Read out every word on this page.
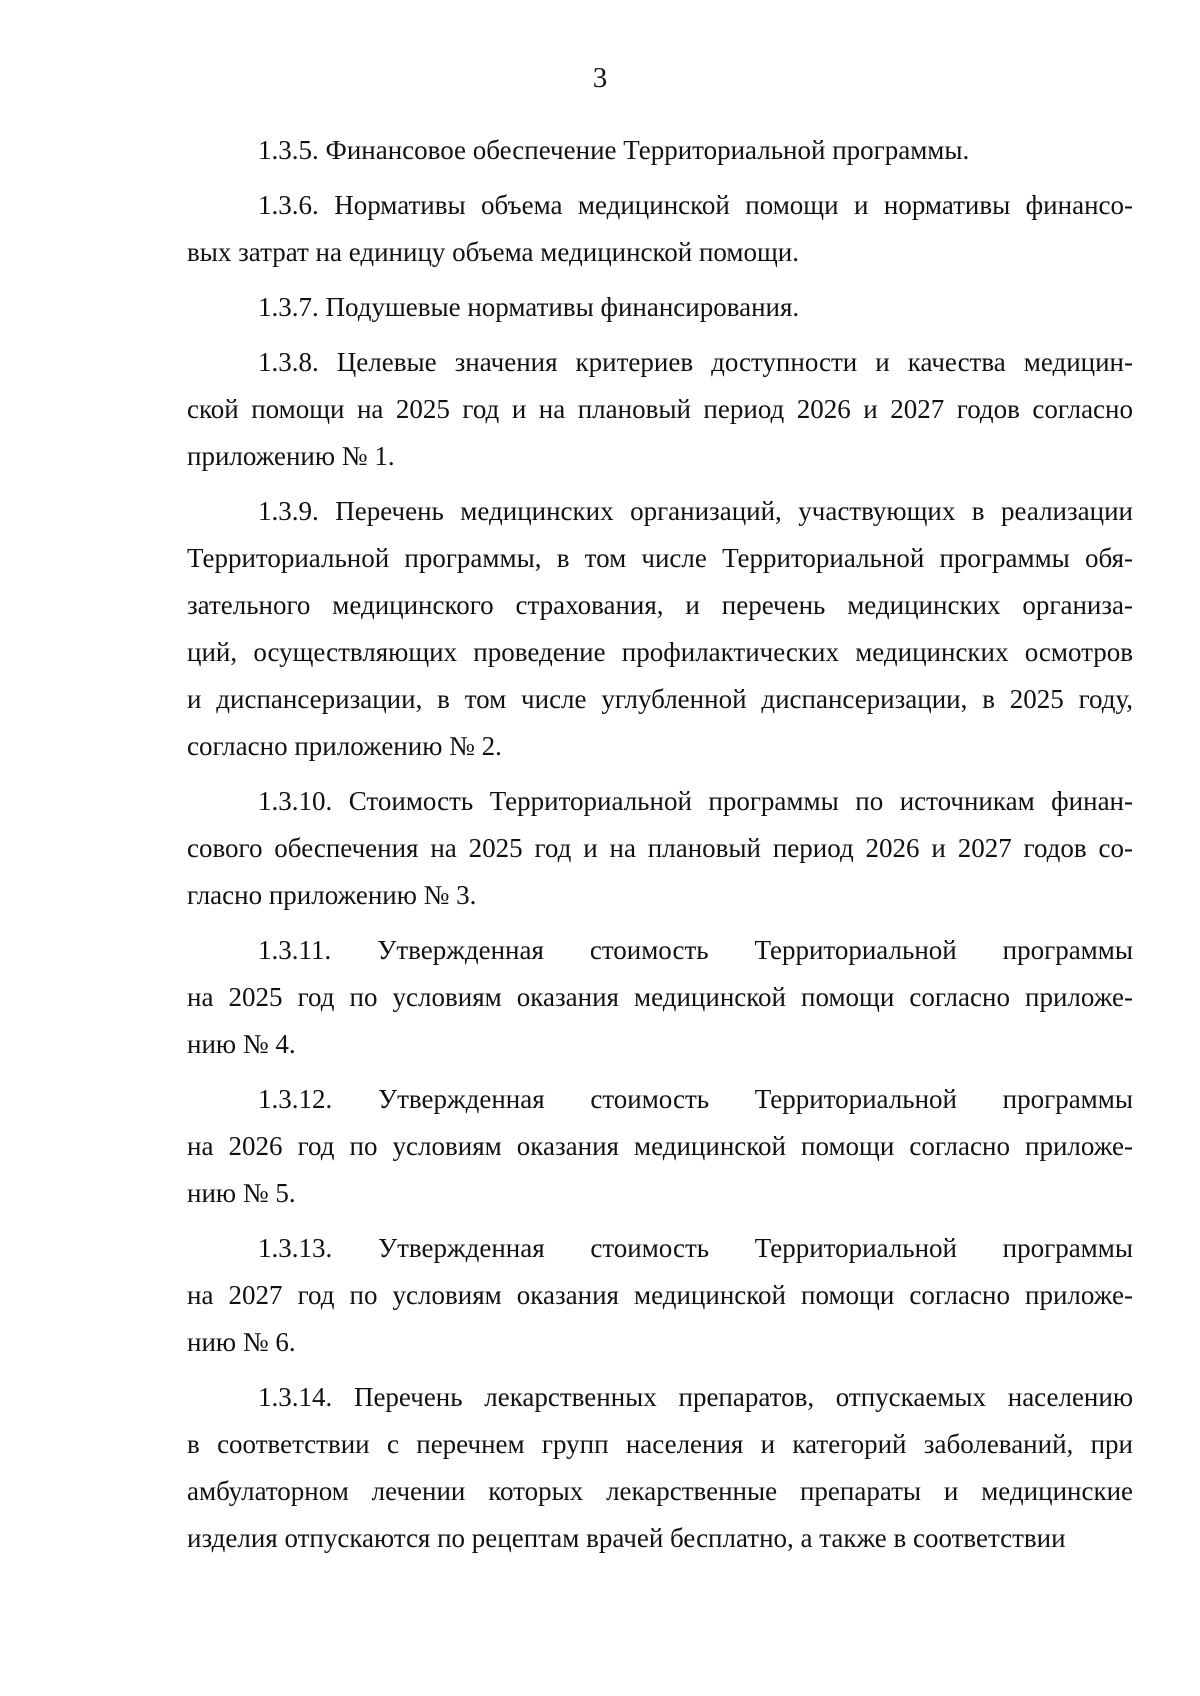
3
1.3.5. Финансовое обеспечение Территориальной программы.
1.3.6. Нормативы объема медицинской помощи и нормативы финансо-
вых затрат на единицу объема медицинской помощи.
1.3.7. Подушевые нормативы финансирования.
1.3.8. Целевые значения критериев доступности и качества медицин-
ской помощи на 2025 год и на плановый период 2026 и 2027 годов согласно
приложению № 1.
1.3.9. Перечень медицинских организаций, участвующих в реализации
Территориальной программы, в том числе Территориальной программы обя-
зательного медицинского страхования, и перечень медицинских организа-
ций, осуществляющих проведение профилактических медицинских осмотров
и диспансеризации, в том числе углубленной диспансеризации, в 2025 году,
согласно приложению № 2.
1.3.10. Стоимость Территориальной программы по источникам финан-
сового обеспечения на 2025 год и на плановый период 2026 и 2027 годов со-
гласно приложению № 3.
1.3.11. Утвержденная стоимость Территориальной программы
на 2025 год по условиям оказания медицинской помощи согласно приложе-
нию № 4.
1.3.12. Утвержденная стоимость Территориальной программы
на 2026 год по условиям оказания медицинской помощи согласно приложе-
нию № 5.
1.3.13. Утвержденная стоимость Территориальной программы
на 2027 год по условиям оказания медицинской помощи согласно приложе-
нию № 6.
1.3.14. Перечень лекарственных препаратов, отпускаемых населению
в соответствии с перечнем групп населения и категорий заболеваний, при
амбулаторном лечении которых лекарственные препараты и медицинские
изделия отпускаются по рецептам врачей бесплатно, а также в соответствии
